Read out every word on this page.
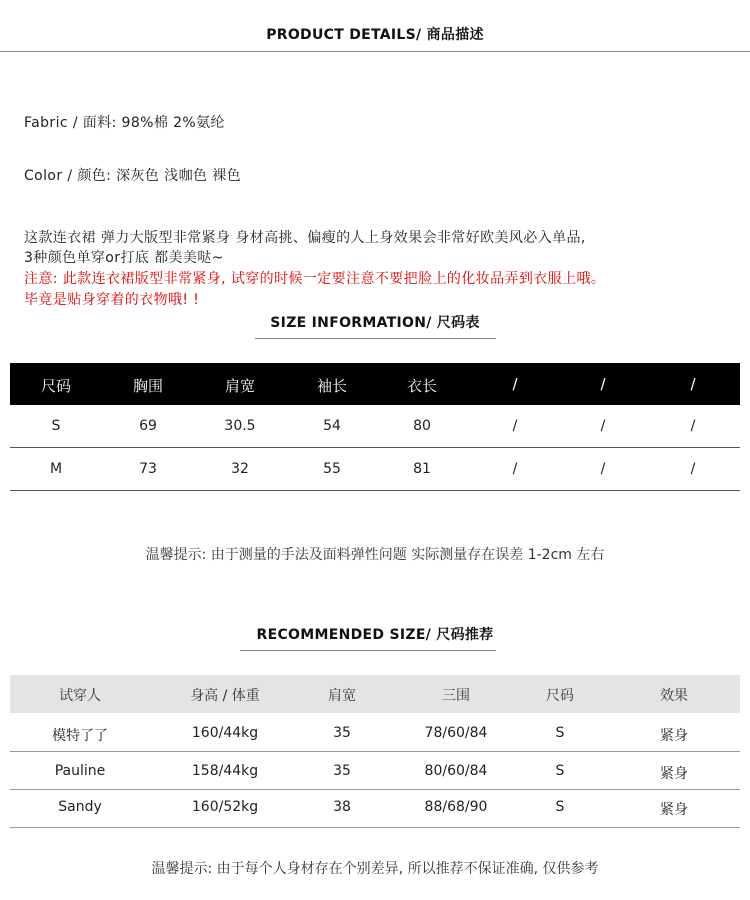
PRODUCT DETAILS/ 商品描述
Fabric / 面料: 98%棉 2%氨纶
Color / 颜色: 深灰色 浅咖色 裸色
这款连衣裙 弹力大版型非常紧身 身材高挑、偏瘦的人上身效果会非常好欧美风必入单品,
3种颜色单穿or打底 都美美哒~
注意: 此款连衣裙版型非常紧身, 试穿的时候一定要注意不要把脸上的化妆品弄到衣服上哦。
毕竟是贴身穿着的衣物哦! !
SIZE INFORMATION/ 尺码表
尺码	胸围	肩宽	袖长	衣长	/	/	/
S	69	30.5	54	80	/	/	/
M	73	32	55	81	/	/	/
温馨提示: 由于测量的手法及面料弹性问题 实际测量存在误差 1-2cm 左右
RECOMMENDED SIZE/ 尺码推荐
试穿人	身高 / 体重	肩宽	三围	尺码	效果
模特了了	160/44kg	35	78/60/84	S	紧身
Pauline	158/44kg	35	80/60/84	S	紧身
Sandy	160/52kg	38	88/68/90	S	紧身
温馨提示: 由于每个人身材存在个别差异, 所以推荐不保证准确, 仅供参考
